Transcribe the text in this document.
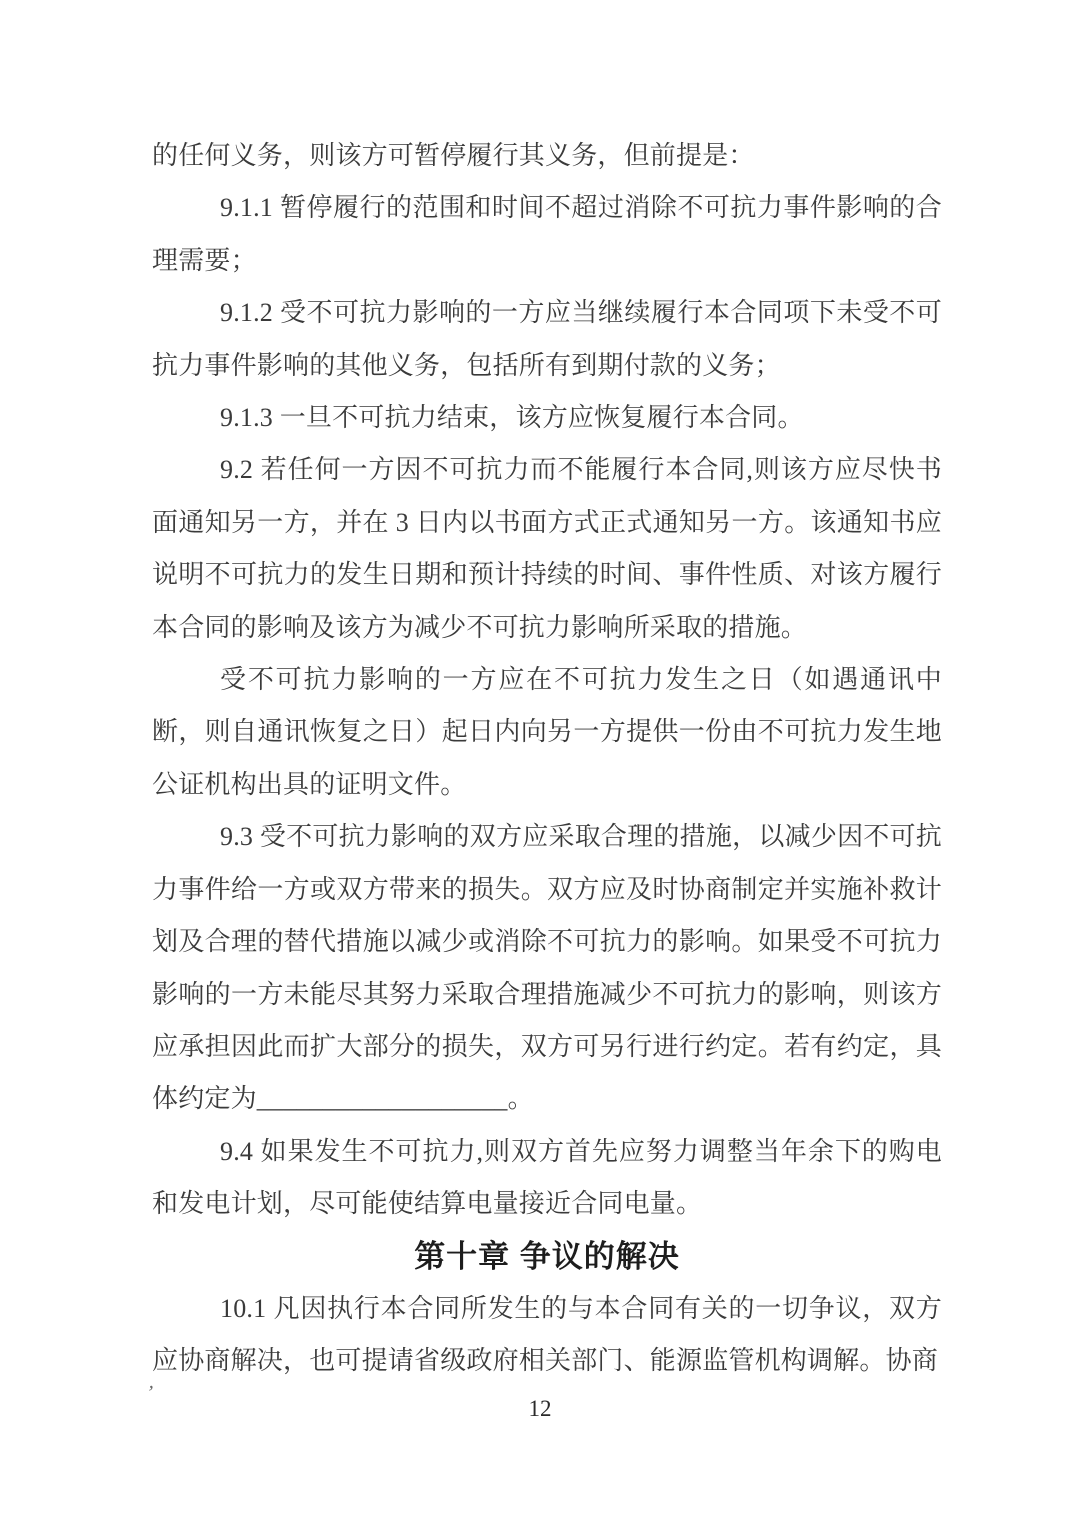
的任何义务，则该方可暂停履行其义务，但前提是：

9.1.1 暂停履行的范围和时间不超过消除不可抗力事件影响的合理需要；

9.1.2 受不可抗力影响的一方应当继续履行本合同项下未受不可抗力事件影响的其他义务，包括所有到期付款的义务；

9.1.3 一旦不可抗力结束，该方应恢复履行本合同。

9.2 若任何一方因不可抗力而不能履行本合同,则该方应尽快书面通知另一方，并在 3 日内以书面方式正式通知另一方。该通知书应说明不可抗力的发生日期和预计持续的时间、事件性质、对该方履行本合同的影响及该方为减少不可抗力影响所采取的措施。

受不可抗力影响的一方应在不可抗力发生之日（如遇通讯中断，则自通讯恢复之日）起日内向另一方提供一份由不可抗力发生地公证机构出具的证明文件。

9.3 受不可抗力影响的双方应采取合理的措施，以减少因不可抗力事件给一方或双方带来的损失。双方应及时协商制定并实施补救计划及合理的替代措施以减少或消除不可抗力的影响。如果受不可抗力影响的一方未能尽其努力采取合理措施减少不可抗力的影响，则该方应承担因此而扩大部分的损失，双方可另行进行约定。若有约定，具体约定为___________________。

9.4 如果发生不可抗力,则双方首先应努力调整当年余下的购电和发电计划，尽可能使结算电量接近合同电量。

第十章 争议的解决

10.1 凡因执行本合同所发生的与本合同有关的一切争议，双方应协商解决，也可提请省级政府相关部门、能源监管机构调解。协商

’
12
